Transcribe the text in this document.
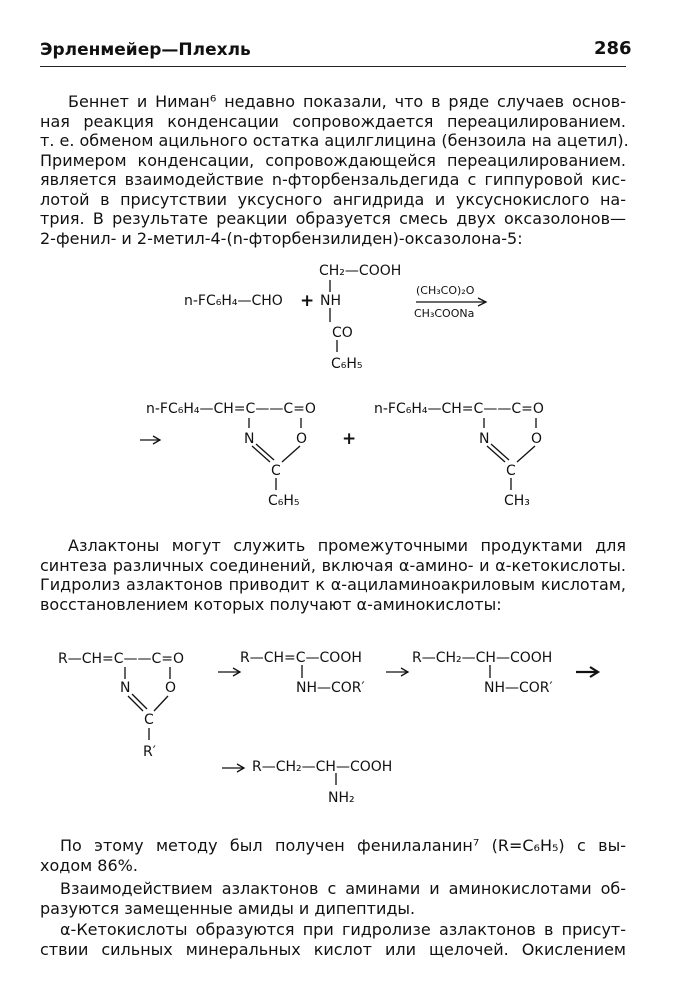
Эрленмейер—Плехль	286
Беннет и Ниман⁶ недавно показали, что в ряде случаев основ-
ная реакция конденсации сопровождается переацилированием.
т. е. обменом ацильного остатка ацилглицина (бензоила на ацетил).
Примером конденсации, сопровождающейся переацилированием.
является взаимодействие n-фторбензальдегида с гиппуровой кис-
лотой в присутствии уксусного ангидрида и уксуснокислого на-
трия. В результате реакции образуется смесь двух оксазолонов—
2-фенил- и 2-метил-4-(n-фторбензилиден)-оксазолона-5:
CH₂—COOH
n-FC₆H₄—CHO + NH
CO
C₆H₅
(CH₃CO)₂O
CH₃COONa
n-FC₆H₄—CH=C——C=O
N	O
C
C₆H₅
+
n-FC₆H₄—CH=C——C=O
N	O
C
CH₃
R—CH=C——C=O
N O
C
R′
R—CH=C—COOH
NH—COR′
R—CH₂—CH—COOH
NH—COR′
R—CH₂—CH—COOH
NH₂
Азлактоны могут служить промежуточными продуктами для
синтеза различных соединений, включая α-амино- и α-кетокислоты.
Гидролиз азлактонов приводит к α-ациламиноакриловым кислотам,
восстановлением которых получают α-аминокислоты:
По этому методу был получен фенилаланин⁷ (R=C₆H₅) с вы-
ходом 86%.
Взаимодействием азлактонов с аминами и аминокислотами об-
разуются замещенные амиды и дипептиды.
α-Кетокислоты образуются при гидролизе азлактонов в присут-
ствии сильных минеральных кислот или щелочей. Окислением
